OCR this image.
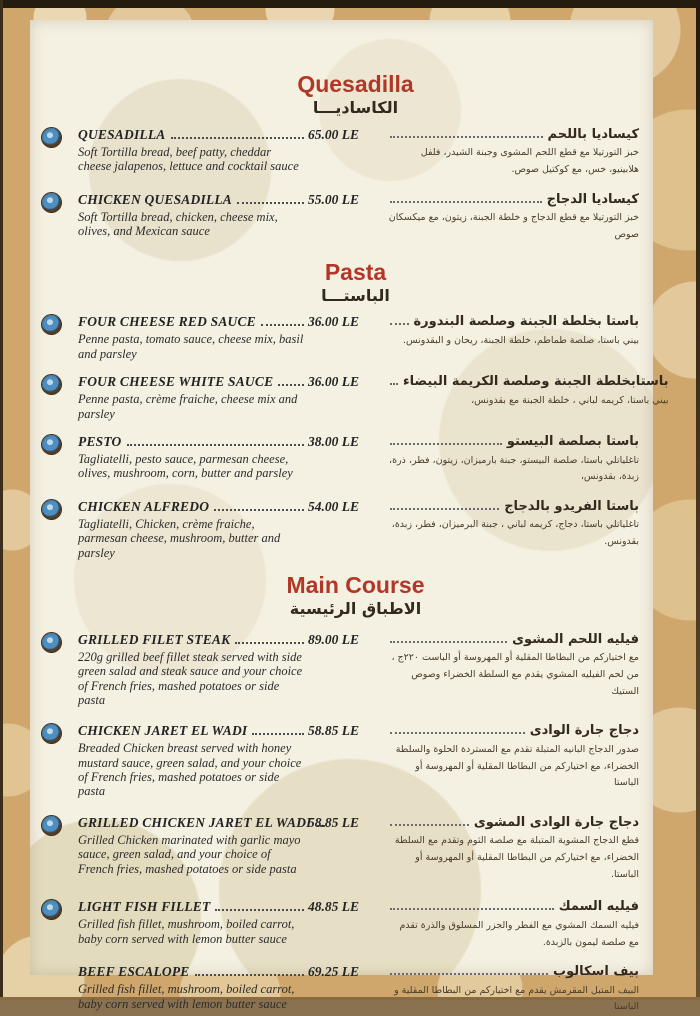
Quesadilla
الكاساديـــا
QUESADILLA
Soft Tortilla bread, beef patty, cheddar cheese jalapenos, lettuce and cocktail sauce
65.00 LE	كيساديا باللحم
خبز التورتيلا مع قطع اللحم المشوى وجبنة الشيدر، فلفل هلابينيو، خس، مع كوكتيل صوص.
CHICKEN QUESADILLA
Soft Tortilla bread, chicken, cheese mix, olives, and Mexican sauce
55.00 LE	كيساديا الدجاج
خبز التورتيلا مع قطع الدجاج و خلطة الجبنة، زيتون، مع ميكسكان صوص
Pasta
الباستـــا
FOUR CHEESE RED SAUCE
Penne pasta, tomato sauce, cheese mix, basil and parsley
36.00 LE	باستا بخلطة الجبنة وصلصة البندورة
بيني باستا، صلصة طماطم، خلطة الجبنة، ريحان و البقدونس.
FOUR CHEESE WHITE SAUCE
Penne pasta, crème fraiche, cheese mix and parsley
36.00 LE	باستابخلطة الجبنة وصلصة الكريمة البيضاء
بيني باستا، كريمه لباني ، خلطة الجبنة مع بقدونس،
PESTO
Tagliatelli, pesto sauce, parmesan cheese, olives, mushroom, corn, butter and parsley
38.00 LE	باستا بصلصة البيستو
تاغلياتلي باستا، صلصة البيستو، جبنة بارميزان، زيتون، فطر، ذرة، زبدة، بقدونس،
CHICKEN ALFREDO
Tagliatelli, Chicken, crème fraiche, parmesan cheese, mushroom, butter and parsley
54.00 LE	باستا الفريدو بالدجاج
تاغلياتلي باستا، دجاج، كريمه لباني ، جبنة البرميزان، فطر، زبدة، بقدونس.
Main Course
الاطباق الرئيسية
GRILLED FILET STEAK
220g grilled beef fillet steak served with side green salad and steak sauce and your choice of French fries, mashed potatoes or side pasta
89.00 LE	فيليه اللحم المشوى
مع اختياركم من البطاطا المقلية أو المهروسة أو الباست ٢٢٠ج ، من لحم الفيليه المشوي يقدم مع السلطة الخضراء وصوص الستيك
CHICKEN JARET EL WADI
Breaded Chicken breast served with honey mustard sauce, green salad, and your choice of French fries, mashed potatoes or side pasta
58.85 LE	دجاج جارة الوادى
صدور الدجاج البانيه المتبلة تقدم مع المستردة الحلوة والسلطة الخضراء، مع اختياركم من البطاطا المقلية أو المهروسة أو الباستا
GRILLED CHICKEN JARET EL WADI
Grilled Chicken marinated with garlic mayo sauce, green salad, and your choice of French fries, mashed potatoes or side pasta
58.85 LE	دجاج جارة الوادى المشوى
قطع الدجاج المشوية المتبلة مع صلصة الثوم وتقدم مع السلطة الخضراء، مع اختياركم من البطاطا المقلية أو المهروسة أو الباستا.
LIGHT FISH FILLET
Grilled fish fillet, mushroom, boiled carrot, baby corn served with lemon butter sauce
48.85 LE	فيليه السمك
فيليه السمك المشوي مع الفطر والجزر المسلوق والذرة تقدم مع صلصة ليمون بالزبدة.
BEEF ESCALOPE
Grilled fish fillet, mushroom, boiled carrot, baby corn served with lemon butter sauce
69.25 LE	بيف اسكالوب
البيف المتبل المقرمش يقدم مع اختياركم من البطاطا المقلية و الباستا
